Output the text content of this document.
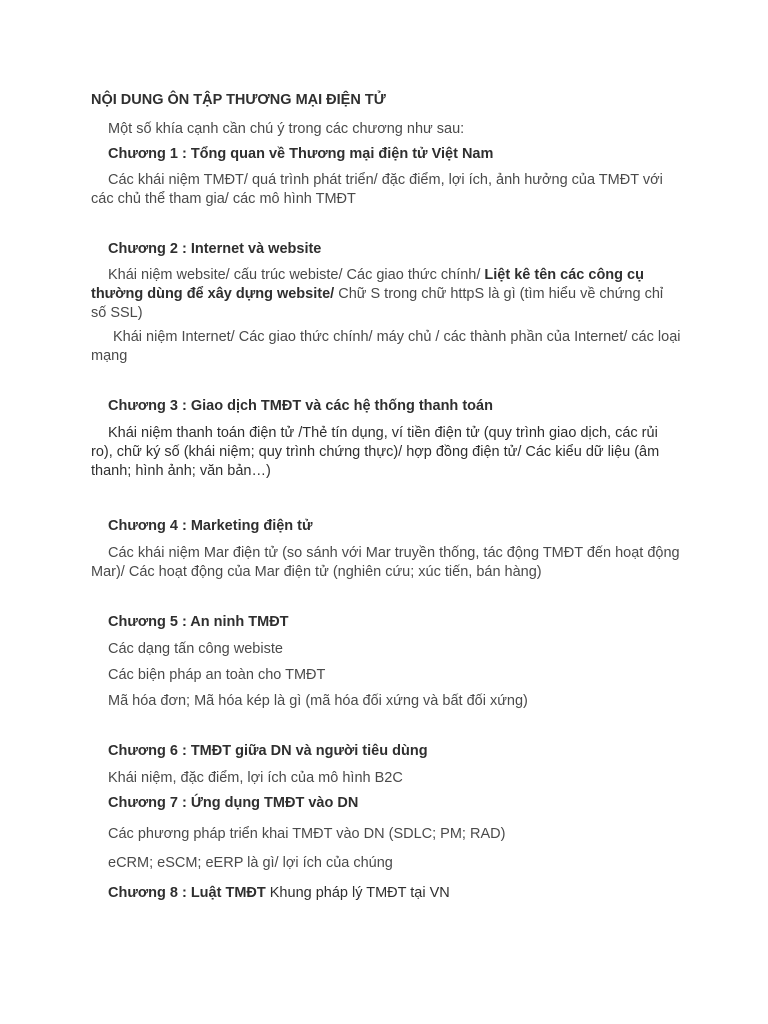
NỘI DUNG ÔN TẬP THƯƠNG MẠI ĐIỆN TỬ

Một số khía cạnh cần chú ý trong các chương như sau:

Chương 1 : Tổng quan về Thương mại điện tử Việt Nam

Các khái niệm TMĐT/ quá trình phát triển/ đặc điểm, lợi ích, ảnh hưởng của TMĐT với các chủ thể tham gia/ các mô hình TMĐT

Chương 2 : Internet và website

Khái niệm website/ cấu trúc webiste/ Các giao thức chính/ Liệt kê tên các công cụ thường dùng để xây dựng website/ Chữ S trong chữ httpS là gì (tìm hiểu về chứng chỉ số SSL)

Khái niệm Internet/ Các giao thức chính/ máy chủ / các thành phần của Internet/ các loại mạng

Chương 3 : Giao dịch TMĐT và các hệ thống thanh toán

Khái niệm thanh toán điện tử /Thẻ tín dụng, ví tiền điện tử (quy trình giao dịch, các rủi ro), chữ ký số (khái niệm; quy trình chứng thực)/ hợp đồng điện tử/ Các kiểu dữ liệu (âm thanh; hình ảnh; văn bản…)

Chương 4 : Marketing điện tử

Các khái niệm Mar điện tử (so sánh với Mar truyền thống, tác động TMĐT đến hoạt động Mar)/ Các hoạt động của Mar điện tử (nghiên cứu; xúc tiến, bán hàng)

Chương 5 : An ninh TMĐT

Các dạng tấn công webiste

Các biện pháp an toàn cho TMĐT

Mã hóa đơn; Mã hóa kép là gì (mã hóa đối xứng và bất đối xứng)

Chương 6 : TMĐT giữa DN và người tiêu dùng

Khái niệm, đặc điểm, lợi ích của mô hình B2C

Chương 7 : Ứng dụng TMĐT vào DN

Các phương pháp triển khai TMĐT vào DN (SDLC; PM; RAD)

eCRM; eSCM; eERP là gì/ lợi ích của chúng

Chương 8 : Luật TMĐT Khung pháp lý TMĐT tại VN
